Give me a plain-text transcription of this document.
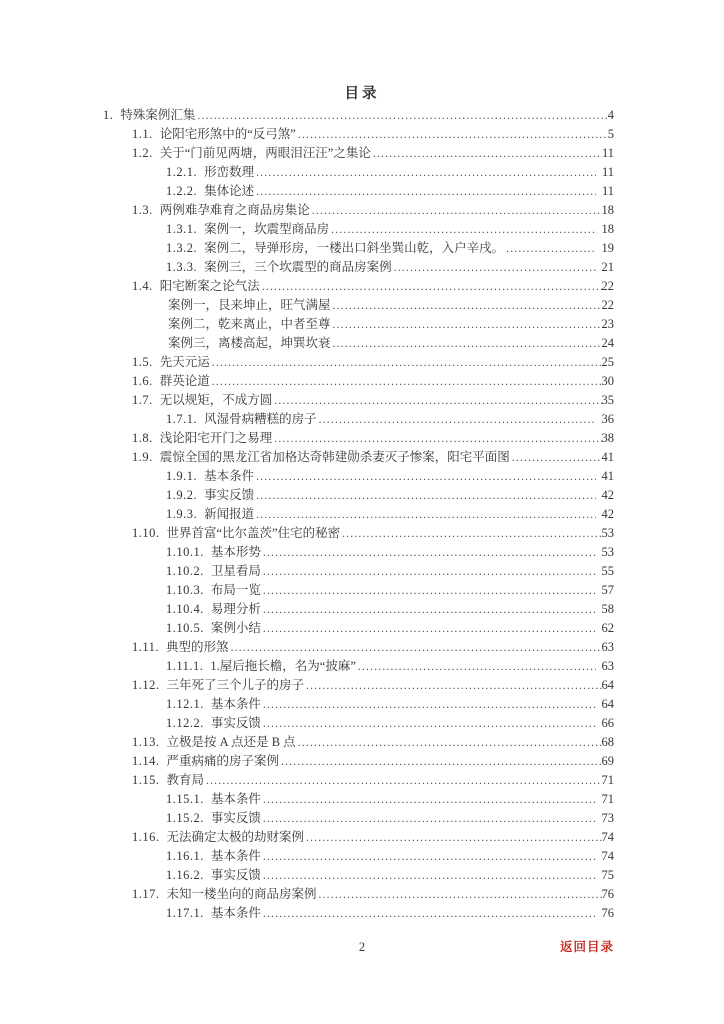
目录
1. 特殊案例汇集 .....	4
1.1. 论阳宅形煞中的“反弓煞” .....	5
1.2. 关于“门前见两塘，两眼泪汪汪”之集论 .....	11
1.2.1. 形峦数理 .....	11
1.2.2. 集体论述 .....	11
1.3. 两例难孕难育之商品房集论 .....	18
1.3.1. 案例一，坎震型商品房 .....	18
1.3.2. 案例二，导弹形房，一楼出口斜坐巽山乾，入户辛戌。 .....	19
1.3.3. 案例三，三个坎震型的商品房案例 .....	21
1.4. 阳宅断案之论气法 .....	22
案例一，艮来坤止，旺气满屋 .....	22
案例二，乾来离止，中者至尊 .....	23
案例三，离楼高起，坤巽坎衰 .....	24
1.5. 先天元运 .....	25
1.6. 群英论道 .....	30
1.7. 无以规矩，不成方圆 .....	35
1.7.1. 风湿骨病糟糕的房子 .....	36
1.8. 浅论阳宅开门之易理 .....	38
1.9. 震惊全国的黑龙江省加格达奇韩建勋杀妻灭子惨案，阳宅平面图 .....	41
1.9.1. 基本条件 .....	41
1.9.2. 事实反馈 .....	42
1.9.3. 新闻报道 .....	42
1.10. 世界首富“比尔盖茨”住宅的秘密 .....	53
1.10.1. 基本形势 .....	53
1.10.2. 卫星看局 .....	55
1.10.3. 布局一览 .....	57
1.10.4. 易理分析 .....	58
1.10.5. 案例小结 .....	62
1.11. 典型的形煞 .....	63
1.11.1. 1.屋后拖长檐，名为“披麻” .....	63
1.12. 三年死了三个儿子的房子 .....	64
1.12.1. 基本条件 .....	64
1.12.2. 事实反馈 .....	66
1.13. 立极是按 A 点还是 B 点 .....	68
1.14. 严重病痛的房子案例 .....	69
1.15. 教育局 .....	71
1.15.1. 基本条件 .....	71
1.15.2. 事实反馈 .....	73
1.16. 无法确定太极的劫财案例 .....	74
1.16.1. 基本条件 .....	74
1.16.2. 事实反馈 .....	75
1.17. 未知一楼坐向的商品房案例 .....	76
1.17.1. 基本条件 .....	76
2	返回目录
